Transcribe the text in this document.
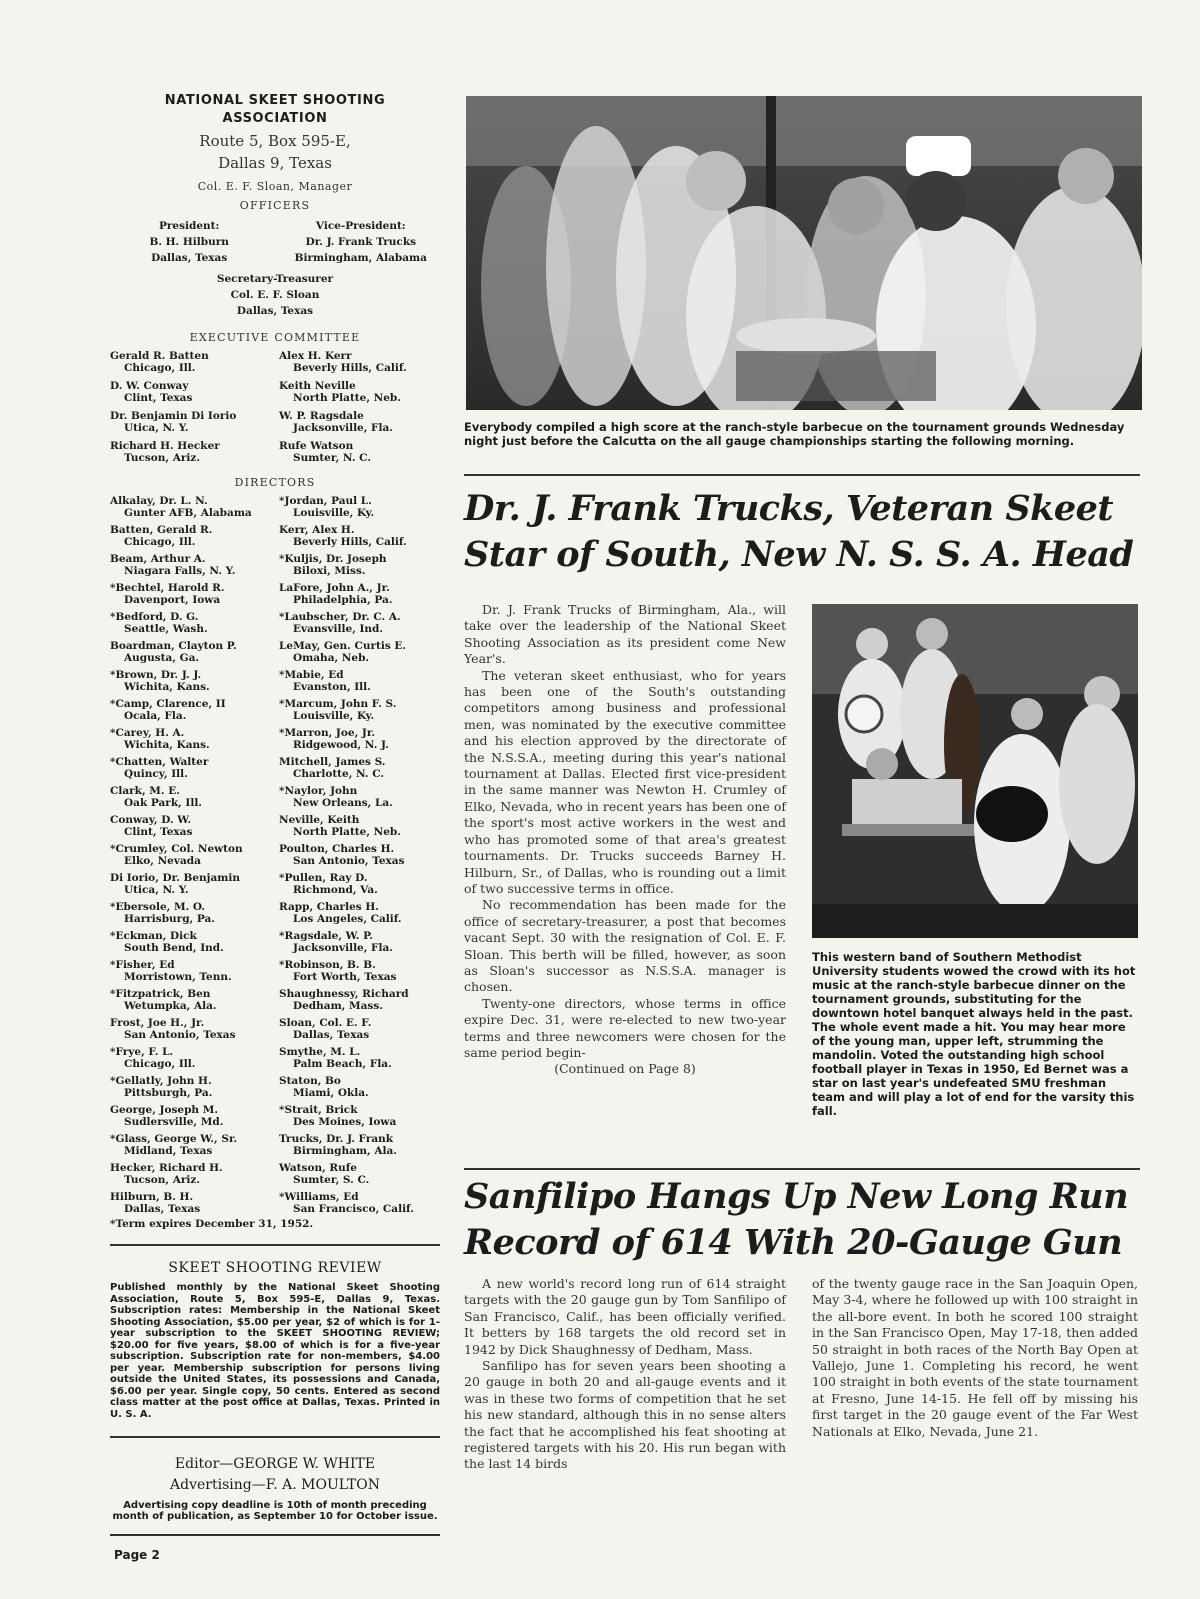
NATIONAL SKEET SHOOTING
ASSOCIATION
Route 5, Box 595-E,
Dallas 9, Texas
Col. E. F. Sloan, Manager
OFFICERS
President:
B. H. Hilburn
Dallas, Texas
Vice-President:
Dr. J. Frank Trucks
Birmingham, Alabama
Secretary-Treasurer
Col. E. F. Sloan
Dallas, Texas
EXECUTIVE COMMITTEE
Gerald R. Batten
Chicago, Ill.
Alex H. Kerr
Beverly Hills, Calif.
D. W. Conway
Clint, Texas
Keith Neville
North Platte, Neb.
Dr. Benjamin Di Iorio
Utica, N. Y.
W. P. Ragsdale
Jacksonville, Fla.
Richard H. Hecker
Tucson, Ariz.
Rufe Watson
Sumter, N. C.
DIRECTORS
Alkalay, Dr. L. N.
Gunter AFB, Alabama
*Jordan, Paul L.
Louisville, Ky.
Batten, Gerald R.
Chicago, Ill.
Kerr, Alex H.
Beverly Hills, Calif.
Beam, Arthur A.
Niagara Falls, N. Y.
*Kuljis, Dr. Joseph
Biloxi, Miss.
*Bechtel, Harold R.
Davenport, Iowa
LaFore, John A., Jr.
Philadelphia, Pa.
*Bedford, D. G.
Seattle, Wash.
*Laubscher, Dr. C. A.
Evansville, Ind.
Boardman, Clayton P.
Augusta, Ga.
LeMay, Gen. Curtis E.
Omaha, Neb.
*Brown, Dr. J. J.
Wichita, Kans.
*Mabie, Ed
Evanston, Ill.
*Camp, Clarence, II
Ocala, Fla.
*Marcum, John F. S.
Louisville, Ky.
*Carey, H. A.
Wichita, Kans.
*Marron, Joe, Jr.
Ridgewood, N. J.
*Chatten, Walter
Quincy, Ill.
Mitchell, James S.
Charlotte, N. C.
Clark, M. E.
Oak Park, Ill.
*Naylor, John
New Orleans, La.
Conway, D. W.
Clint, Texas
Neville, Keith
North Platte, Neb.
*Crumley, Col. Newton
Elko, Nevada
Poulton, Charles H.
San Antonio, Texas
Di Iorio, Dr. Benjamin
Utica, N. Y.
*Pullen, Ray D.
Richmond, Va.
*Ebersole, M. O.
Harrisburg, Pa.
Rapp, Charles H.
Los Angeles, Calif.
*Eckman, Dick
South Bend, Ind.
*Ragsdale, W. P.
Jacksonville, Fla.
*Fisher, Ed
Morristown, Tenn.
*Robinson, B. B.
Fort Worth, Texas
*Fitzpatrick, Ben
Wetumpka, Ala.
Shaughnessy, Richard
Dedham, Mass.
Frost, Joe H., Jr.
San Antonio, Texas
Sloan, Col. E. F.
Dallas, Texas
*Frye, F. L.
Chicago, Ill.
Smythe, M. L.
Palm Beach, Fla.
*Gellatly, John H.
Pittsburgh, Pa.
Staton, Bo
Miami, Okla.
George, Joseph M.
Sudlersville, Md.
*Strait, Brick
Des Moines, Iowa
*Glass, George W., Sr.
Midland, Texas
Trucks, Dr. J. Frank
Birmingham, Ala.
Hecker, Richard H.
Tucson, Ariz.
Watson, Rufe
Sumter, S. C.
Hilburn, B. H.
Dallas, Texas
*Williams, Ed
San Francisco, Calif.
*Term expires December 31, 1952.
SKEET SHOOTING REVIEW
Published monthly by the National Skeet Shooting Association, Route 5, Box 595-E, Dallas 9, Texas. Subscription rates: Membership in the National Skeet Shooting Association, $5.00 per year, $2 of which is for 1-year subscription to the SKEET SHOOTING REVIEW; $20.00 for five years, $8.00 of which is for a five-year subscription. Subscription rate for non-members, $4.00 per year. Membership subscription for persons living outside the United States, its possessions and Canada, $6.00 per year. Single copy, 50 cents. Entered as second class matter at the post office at Dallas, Texas. Printed in U. S. A.
Editor—GEORGE W. WHITE
Advertising—F. A. MOULTON
Advertising copy deadline is 10th of month preceding month of publication, as September 10 for October issue.
Everybody compiled a high score at the ranch-style barbecue on the tournament grounds Wednesday night just before the Calcutta on the all gauge championships starting the following morning.
Dr. J. Frank Trucks, Veteran Skeet
Star of South, New N. S. S. A. Head

Dr. J. Frank Trucks of Birmingham, Ala., will take over the leadership of the National Skeet Shooting Association as its president come New Year's.

The veteran skeet enthusiast, who for years has been one of the South's outstanding competitors among business and professional men, was nominated by the executive committee and his election approved by the directorate of the N.S.S.A., meeting during this year's national tournament at Dallas. Elected first vice-president in the same manner was Newton H. Crumley of Elko, Nevada, who in recent years has been one of the sport's most active workers in the west and who has promoted some of that area's greatest tournaments. Dr. Trucks succeeds Barney H. Hilburn, Sr., of Dallas, who is rounding out a limit of two successive terms in office.

No recommendation has been made for the office of secretary-treasurer, a post that becomes vacant Sept. 30 with the resignation of Col. E. F. Sloan. This berth will be filled, however, as soon as Sloan's successor as N.S.S.A. manager is chosen.

Twenty-one directors, whose terms in office expire Dec. 31, were re-elected to new two-year terms and three newcomers were chosen for the same period begin-

(Continued on Page 8)
This western band of Southern Methodist University students wowed the crowd with its hot music at the ranch-style barbecue dinner on the tournament grounds, substituting for the downtown hotel banquet always held in the past. The whole event made a hit. You may hear more of the young man, upper left, strumming the mandolin. Voted the outstanding high school football player in Texas in 1950, Ed Bernet was a star on last year's undefeated SMU freshman team and will play a lot of end for the varsity this fall.
Sanfilipo Hangs Up New Long Run
Record of 614 With 20-Gauge Gun

A new world's record long run of 614 straight targets with the 20 gauge gun by Tom Sanfilipo of San Francisco, Calif., has been officially verified. It betters by 168 targets the old record set in 1942 by Dick Shaughnessy of Dedham, Mass.

Sanfilipo has for seven years been shooting a 20 gauge in both 20 and all-gauge events and it was in these two forms of competition that he set his new standard, although this in no sense alters the fact that he accomplished his feat shooting at registered targets with his 20. His run began with the last 14 birds

of the twenty gauge race in the San Joaquin Open, May 3-4, where he followed up with 100 straight in the all-bore event. In both he scored 100 straight in the San Francisco Open, May 17-18, then added 50 straight in both races of the North Bay Open at Vallejo, June 1. Completing his record, he went 100 straight in both events of the state tournament at Fresno, June 14-15. He fell off by missing his first target in the 20 gauge event of the Far West Nationals at Elko, Nevada, June 21.

Page 2
